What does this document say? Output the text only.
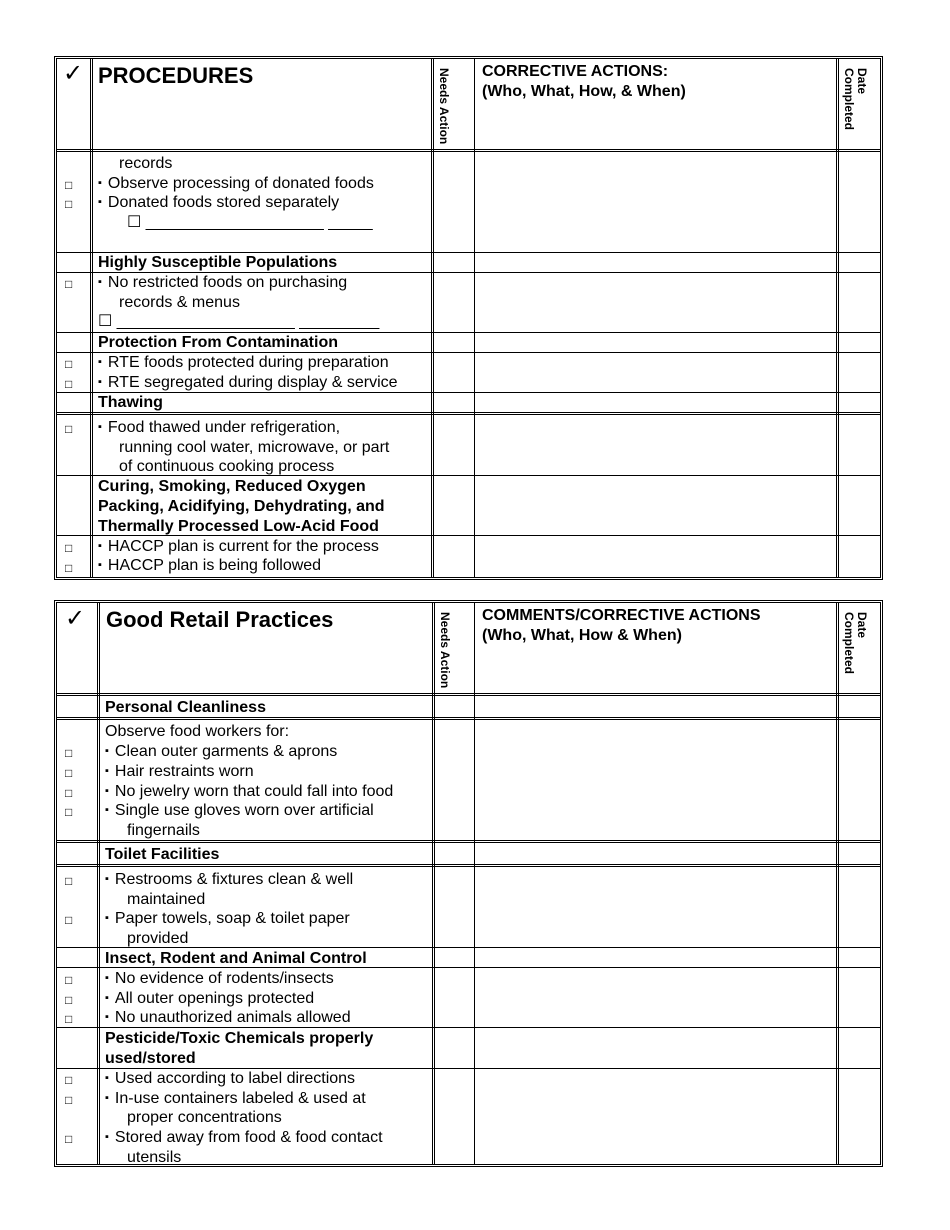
✓ PROCEDURES	Needs Action CORRECTIVE ACTIONS:
(Who, What, How, & When)	Date Completed
records
□ ▪ Observe processing of donated foods
□ ▪ Donated foods stored separately
☐ ____________________ _____
Highly Susceptible Populations
□ ▪ No restricted foods on purchasing
records & menus
☐ ____________________ _________
Protection From Contamination
□ ▪ RTE foods protected during preparation
□ ▪ RTE segregated during display & service
Thawing
□ ▪ Food thawed under refrigeration,
running cool water, microwave, or part
of continuous cooking process
Curing, Smoking, Reduced Oxygen
Packing, Acidifying, Dehydrating, and
Thermally Processed Low-Acid Food
□ ▪ HACCP plan is current for the process
□ ▪ HACCP plan is being followed
✓ Good Retail Practices	Needs Action COMMENTS/CORRECTIVE ACTIONS
(Who, What, How & When)	Date Completed
Personal Cleanliness
Observe food workers for:
□	▪ Clean outer garments & aprons
□	▪ Hair restraints worn
□	▪ No jewelry worn that could fall into food
□	▪ Single use gloves worn over artificial
fingernails
Toilet Facilities
□	▪ Restrooms & fixtures clean & well
maintained
□	▪ Paper towels, soap & toilet paper
provided
Insect, Rodent and Animal Control
□	▪ No evidence of rodents/insects
□	▪ All outer openings protected
□	▪ No unauthorized animals allowed
Pesticide/Toxic Chemicals properly
used/stored
□	▪ Used according to label directions
□	▪ In-use containers labeled & used at
proper concentrations
□	▪ Stored away from food & food contact
utensils
